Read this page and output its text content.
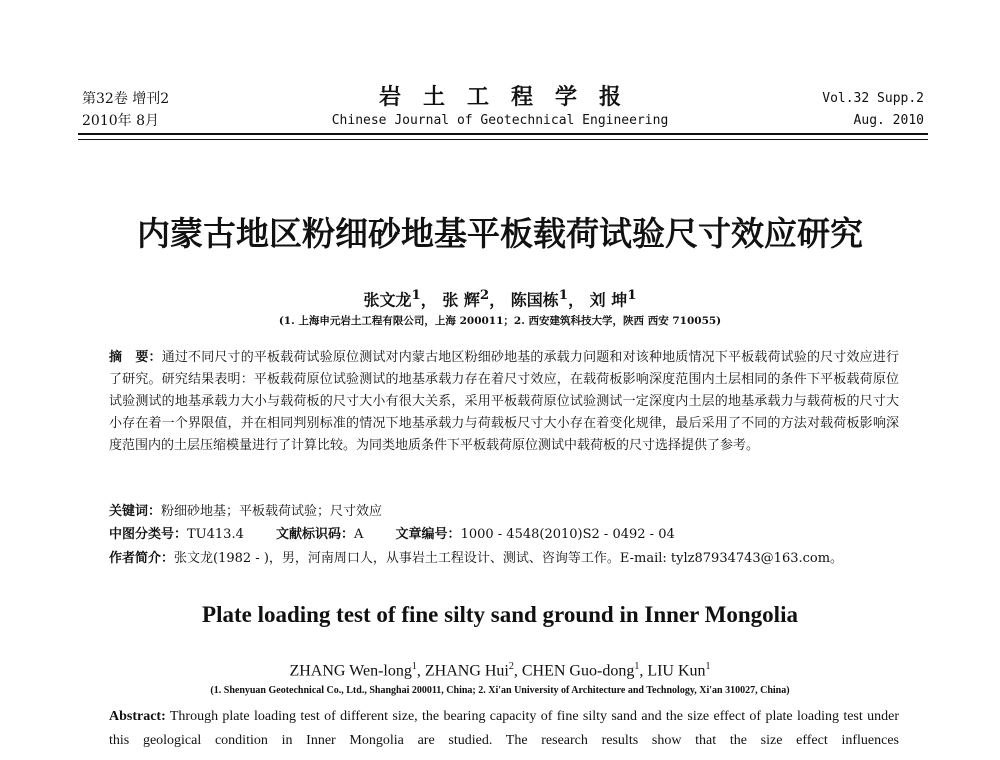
第32卷 增刊2
2010年 8月
岩土工程学报
Chinese Journal of Geotechnical Engineering
Vol.32 Supp.2
Aug. 2010
内蒙古地区粉细砂地基平板载荷试验尺寸效应研究
张文龙$^1$， 张 辉$^2$， 陈国栋$^1$， 刘 坤$^1$
(1. 上海申元岩土工程有限公司，上海 200011；2. 西安建筑科技大学，陕西 西安 710055)
摘　要：通过不同尺寸的平板载荷试验原位测试对内蒙古地区粉细砂地基的承载力问题和对该种地质情况下平板载荷试验的尺寸效应进行了研究。研究结果表明：平板载荷原位试验测试的地基承载力存在着尺寸效应，在载荷板影响深度范围内土层相同的条件下平板载荷原位试验测试的地基承载力大小与载荷板的尺寸大小有很大关系，采用平板载荷原位试验测试一定深度内土层的地基承载力与载荷板的尺寸大小存在着一个界限值，并在相同判别标准的情况下地基承载力与荷载板尺寸大小存在着变化规律，最后采用了不同的方法对载荷板影响深度范围内的土层压缩模量进行了计算比较。为同类地质条件下平板载荷原位测试中载荷板的尺寸选择提供了参考。
关键词：粉细砂地基；平板载荷试验；尺寸效应
中图分类号：TU413.4 文献标识码：A 文章编号：1000 - 4548(2010)S2 - 0492 - 04
作者简介：张文龙(1982 - )，男，河南周口人，从事岩土工程设计、测试、咨询等工作。E-mail: tylz87934743@163.com。
Plate loading test of fine silty sand ground in Inner Mongolia
ZHANG Wen-long$^1$, ZHANG Hui$^2$, CHEN Guo-dong$^1$, LIU Kun$^1$
(1. Shenyuan Geotechnical Co., Ltd., Shanghai 200011, China; 2. Xi'an University of Architecture and Technology, Xi'an 310027, China)
Abstract: Through plate loading test of different size, the bearing capacity of fine silty sand and the size effect of plate loading test under this geological condition in Inner Mongolia are studied. The research results show that the size effect influences
